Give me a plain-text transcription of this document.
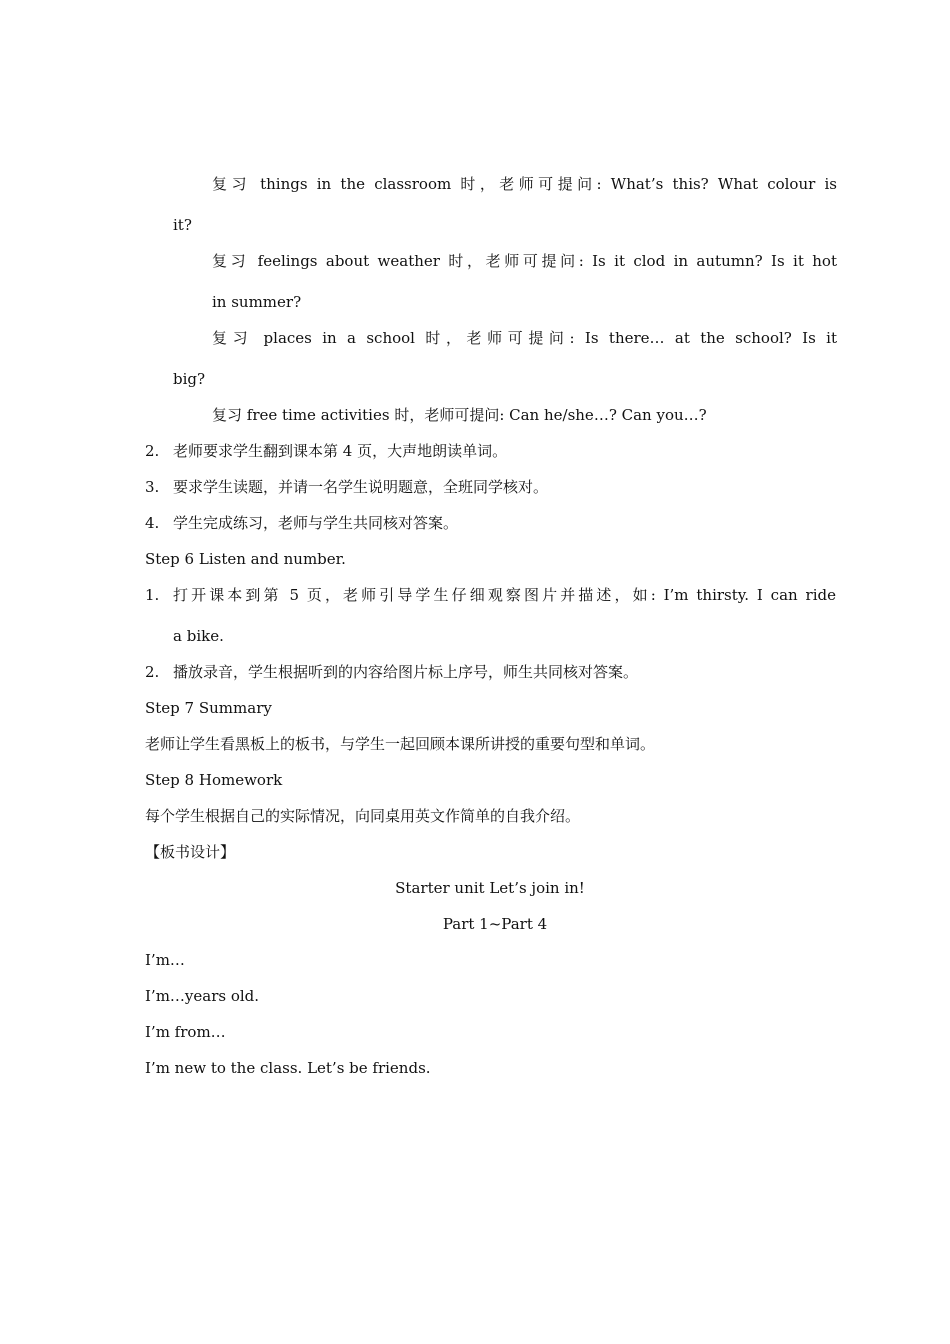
复习 things in the classroom 时，老师可提问: What’s this? What colour is
it?
复习 feelings about weather 时，老师可提问: Is it clod in autumn? Is it hot
in summer?
复习 places in a school 时，老师可提问: Is there… at the school? Is it
big?
复习 free time activities 时，老师可提问: Can he/she…? Can you…?
2. 老师要求学生翻到课本第 4 页，大声地朗读单词。
3. 要求学生读题，并请一名学生说明题意，全班同学核对。
4. 学生完成练习，老师与学生共同核对答案。
Step 6 Listen and number.
1. 打开课本到第 5 页，老师引导学生仔细观察图片并描述，如: I’m thirsty. I can ride
a bike.
2. 播放录音，学生根据听到的内容给图片标上序号，师生共同核对答案。
Step 7 Summary
老师让学生看黑板上的板书，与学生一起回顾本课所讲授的重要句型和单词。
Step 8 Homework
每个学生根据自己的实际情况，向同桌用英文作简单的自我介绍。
【板书设计】
Starter unit Let’s join in!
Part 1~Part 4
I’m…
I’m…years old.
I’m from…
I’m new to the class. Let’s be friends.
